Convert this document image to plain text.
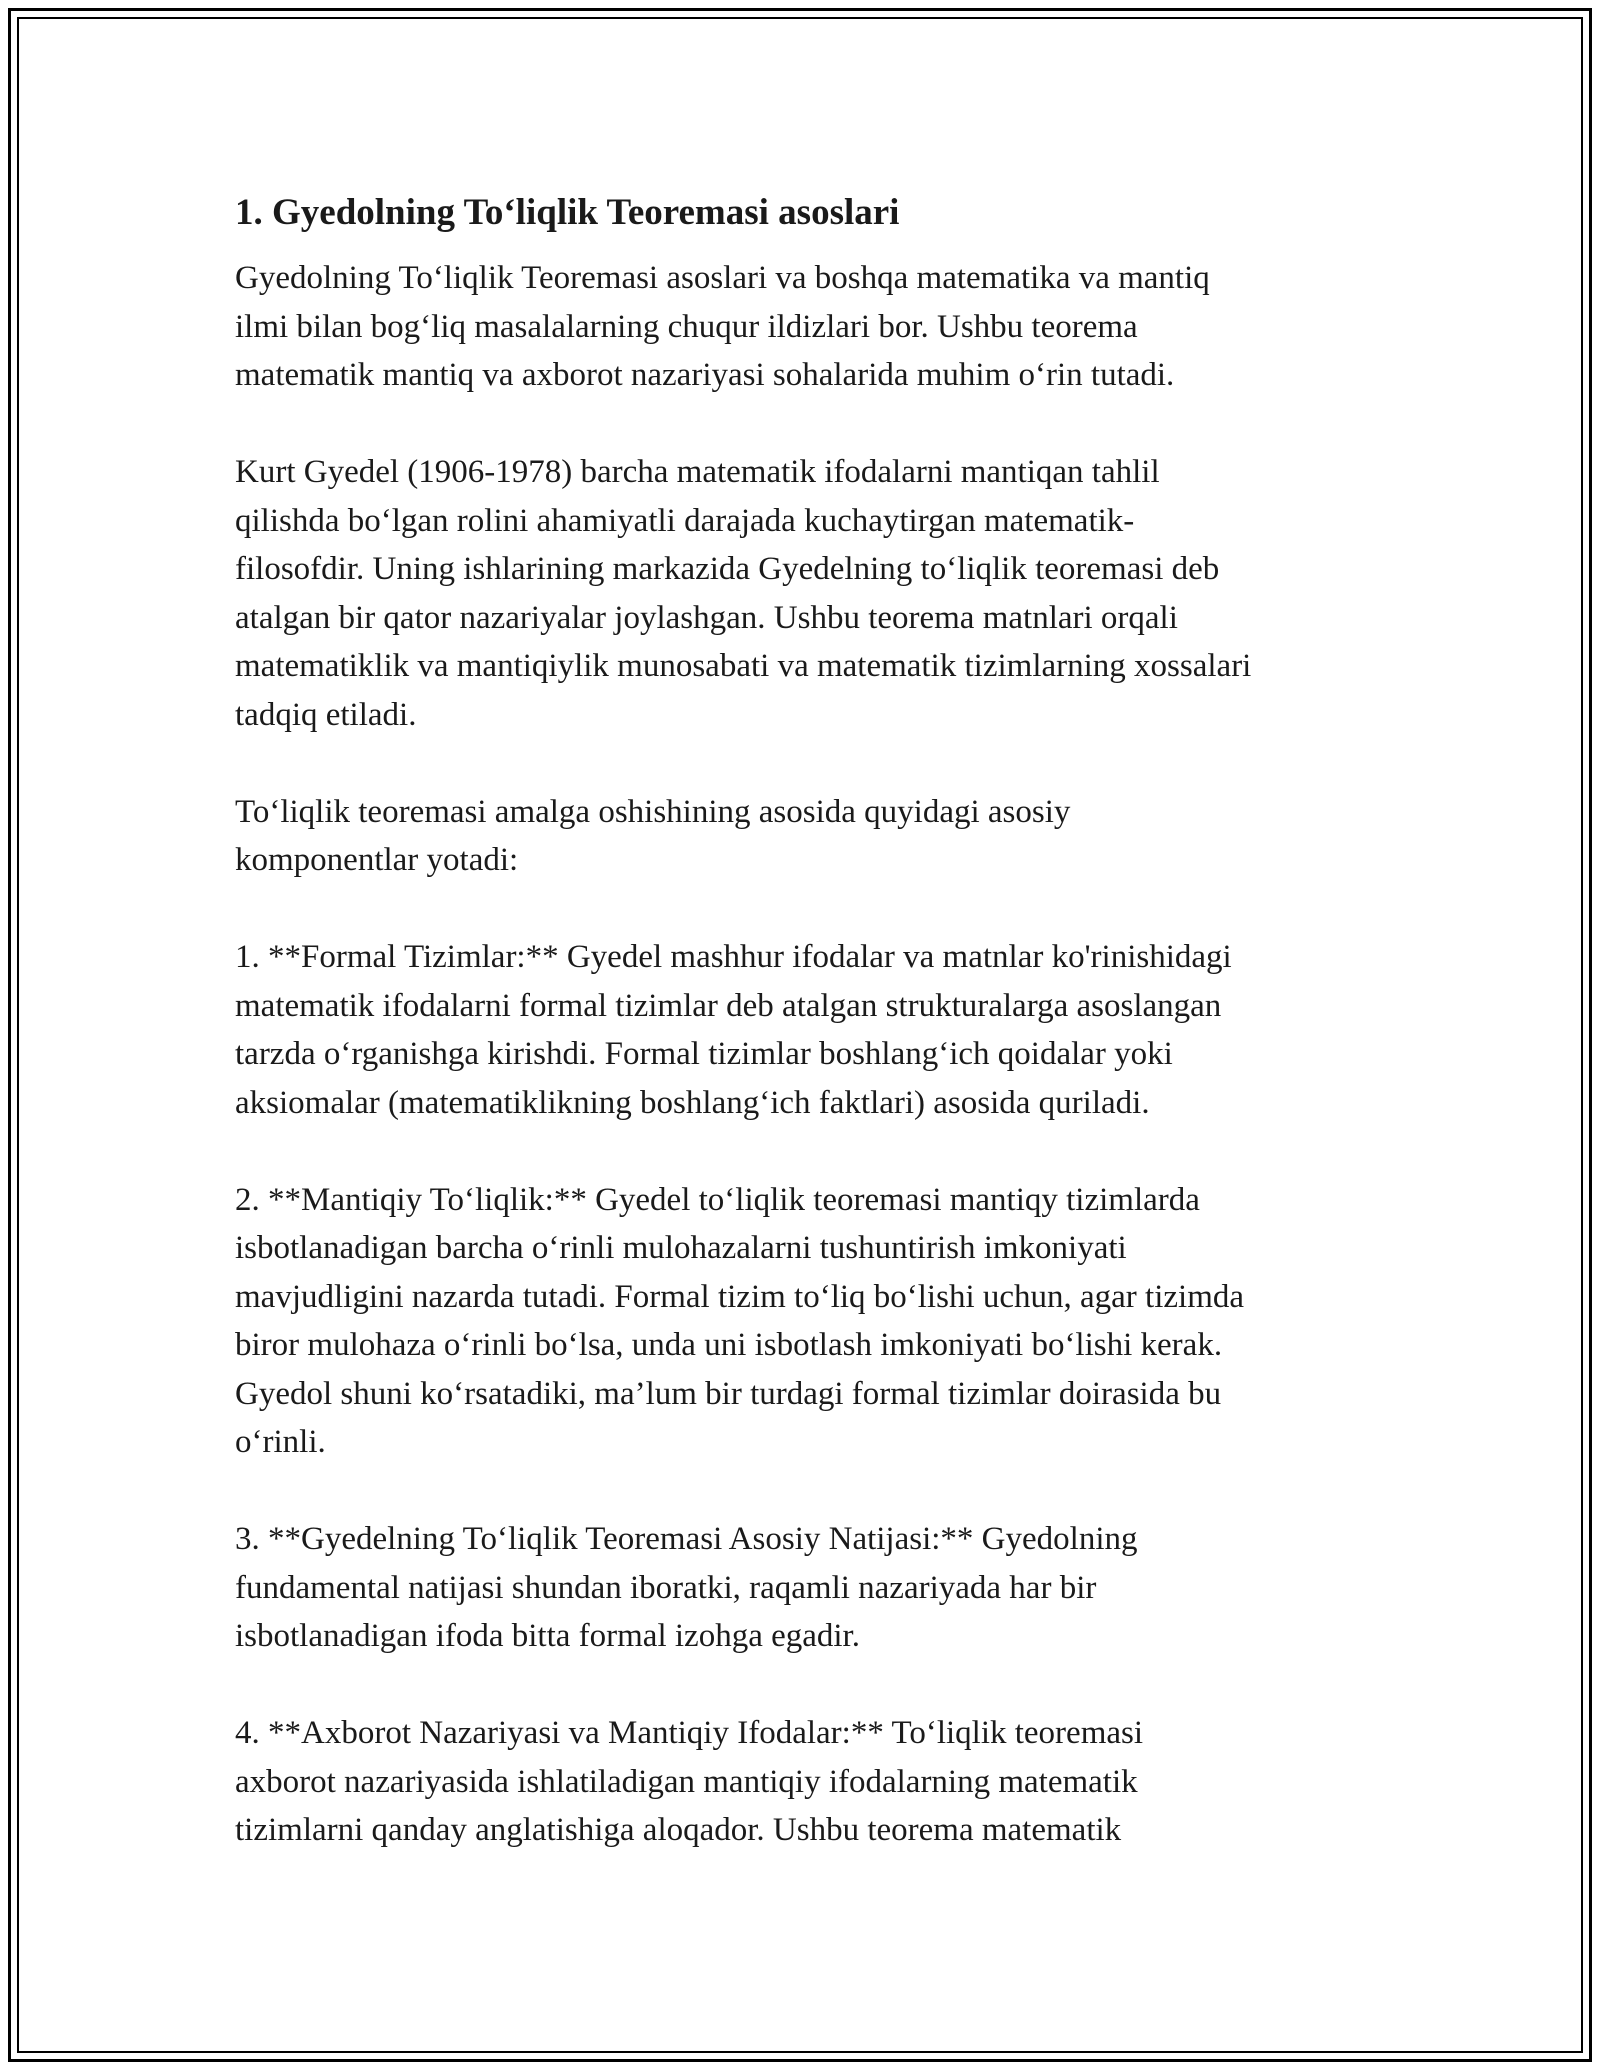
1. Gyedolning To‘liqlik Teoremasi asoslari

Gyedolning To‘liqlik Teoremasi asoslari va boshqa matematika va mantiq
ilmi bilan bog‘liq masalalarning chuqur ildizlari bor. Ushbu teorema
matematik mantiq va axborot nazariyasi sohalarida muhim o‘rin tutadi.

Kurt Gyedel (1906-1978) barcha matematik ifodalarni mantiqan tahlil
qilishda bo‘lgan rolini ahamiyatli darajada kuchaytirgan matematik-
filosofdir. Uning ishlarining markazida Gyedelning to‘liqlik teoremasi deb
atalgan bir qator nazariyalar joylashgan. Ushbu teorema matnlari orqali
matematiklik va mantiqiylik munosabati va matematik tizimlarning xossalari
tadqiq etiladi.

To‘liqlik teoremasi amalga oshishining asosida quyidagi asosiy
komponentlar yotadi:

1. **Formal Tizimlar:** Gyedel mashhur ifodalar va matnlar ko'rinishidagi
matematik ifodalarni formal tizimlar deb atalgan strukturalarga asoslangan
tarzda o‘rganishga kirishdi. Formal tizimlar boshlang‘ich qoidalar yoki
aksiomalar (matematiklikning boshlang‘ich faktlari) asosida quriladi.

2. **Mantiqiy To‘liqlik:** Gyedel to‘liqlik teoremasi mantiqy tizimlarda
isbotlanadigan barcha o‘rinli mulohazalarni tushuntirish imkoniyati
mavjudligini nazarda tutadi. Formal tizim to‘liq bo‘lishi uchun, agar tizimda
biror mulohaza o‘rinli bo‘lsa, unda uni isbotlash imkoniyati bo‘lishi kerak.
Gyedol shuni ko‘rsatadiki, ma’lum bir turdagi formal tizimlar doirasida bu
o‘rinli.

3. **Gyedelning To‘liqlik Teoremasi Asosiy Natijasi:** Gyedolning
fundamental natijasi shundan iboratki, raqamli nazariyada har bir
isbotlanadigan ifoda bitta formal izohga egadir.

4. **Axborot Nazariyasi va Mantiqiy Ifodalar:** To‘liqlik teoremasi
axborot nazariyasida ishlatiladigan mantiqiy ifodalarning matematik
tizimlarni qanday anglatishiga aloqador. Ushbu teorema matematik
